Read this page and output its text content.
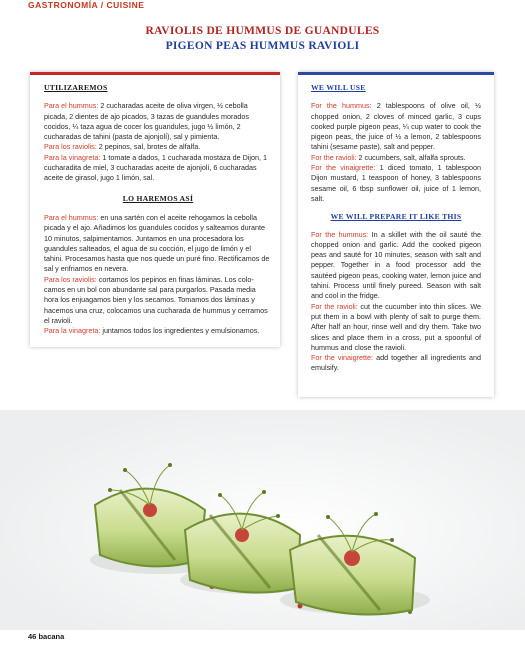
GASTRONOMÍA / CUISINE
RAVIOLIS DE HUMMUS DE GUANDULES
PIGEON PEAS HUMMUS RAVIOLI
UTILIZAREMOS

Para el hummus: 2 cucharadas aceite de oliva virgen, ½ cebolla picada, 2 dientes de ajo picados, 3 tazas de guandules morados cocidos, ¼ taza agua de cocer los guandules, jugo ½ limón, 2 cucharadas de tahini (pasta de ajonjolí), sal y pimienta.

Para los raviolis: 2 pepinos, sal, brotes de alfalfa.

Para la vinagreta: 1 tomate a dados, 1 cucharada mostaza de Dijon, 1 cucharadita de miel, 3 cucharadas aceite de ajonjolí, 6 cucharadas aceite de girasol, jugo 1 limón, sal.

LO HAREMOS ASÍ

Para el hummus: en una sartén con el aceite rehogamos la cebolla picada y el ajo. Añadimos los guandules cocidos y salteamos durante 10 minutos, salpimentamos. Juntamos en una procesadora los guandules salteados, el agua de su cocción, el jugo de limón y el tahini. Procesamos hasta que nos quede un puré fino. Rectificamos de sal y enfriamos en nevera.

Para los raviolis: cortamos los pepinos en finas láminas. Los colocamos en un bol con abundante sal para purgarlos. Pasada media hora los enjuagamos bien y los secamos. Tomamos dos láminas y hacemos una cruz, colocamos una cucharada de hummus y cerramos el ravioli.

Para la vinagreta: juntamos todos los ingredientes y emulsionamos.

WE WILL USE

For the hummus: 2 tablespoons of olive oil, ½ chopped onion, 2 cloves of minced garlic, 3 cups cooked purple pigeon peas, ¼ cup water to cook the pigeon peas, the juice of ½ a lemon, 2 tablespoons tahini (sesame paste), salt and pepper.

For the ravioli: 2 cucumbers, salt, alfalfa sprouts.

For the vinaigrette: 1 diced tomato, 1 tablespoon Dijon mustard, 1 teaspoon of honey, 3 tablespoons sesame oil, 6 tbsp sunflower oil, juice of 1 lemon, salt.

WE WILL PREPARE IT LIKE THIS

For the hummus: In a skillet with the oil sauté the chopped onion and garlic. Add the cooked pigeon peas and sauté for 10 minutes, season with salt and pepper. Together in a food processor add the sautéed pigeon peas, cooking water, lemon juice and tahini. Process until finely pureed. Season with salt and cool in the fridge.

For the ravioli: cut the cucumber into thin slices. We put them in a bowl with plenty of salt to purge them. After half an hour, rinse well and dry them. Take two slices and place them in a cross, put a spoonful of hummus and close the ravioli.

For the vinaigrette: add together all ingredients and emulsify.

46 bacana
